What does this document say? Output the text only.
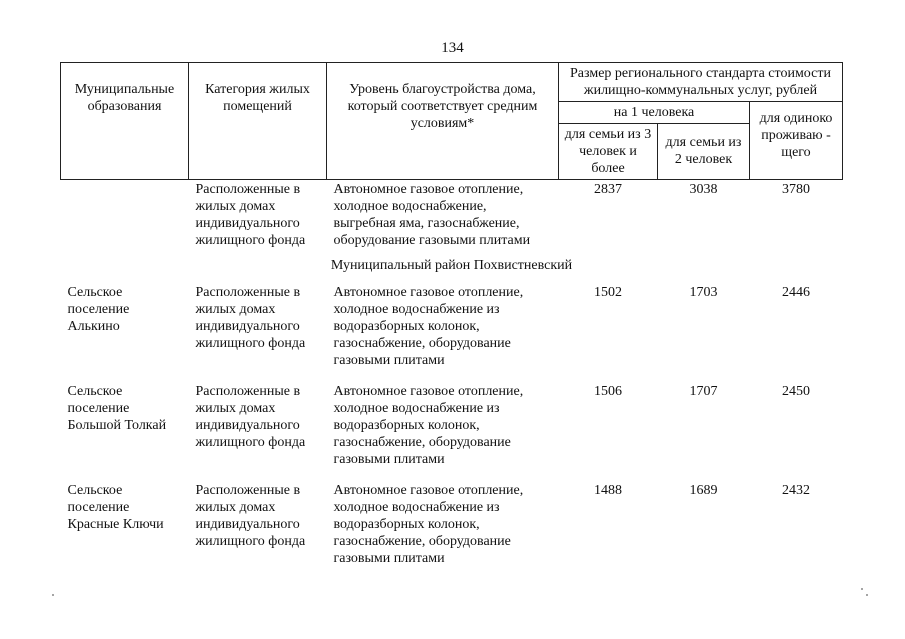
134
Муниципальные образования	Категория жилых помещений	Уровень благоустройства дома, который соответствует средним условиям*	Размер регионального стандарта стоимости жилищно-коммунальных услуг, рублей		
			на 1 человека		для одиноко проживаю - щего
			для семьи из 3 человек и более	для семьи из 2 человек	
	Расположенные в жилых домах индивидуального жилищного фонда	Автономное газовое отопление, холодное водоснабжение, выгребная яма, газоснабжение, оборудование газовыми плитами	2837	3038	3780
Муниципальный район Похвистневский					
Сельское поселение Алькино	Расположенные в жилых домах индивидуального жилищного фонда	Автономное газовое отопление, холодное водоснабжение из водоразборных колонок, газоснабжение, оборудование газовыми плитами	1502	1703	2446
Сельское поселение Большой Толкай	Расположенные в жилых домах индивидуального жилищного фонда	Автономное газовое отопление, холодное водоснабжение из водоразборных колонок, газоснабжение, оборудование газовыми плитами	1506	1707	2450
Сельское поселение Красные Ключи	Расположенные в жилых домах индивидуального жилищного фонда	Автономное газовое отопление, холодное водоснабжение из водоразборных колонок, газоснабжение, оборудование газовыми плитами	1488	1689	2432
